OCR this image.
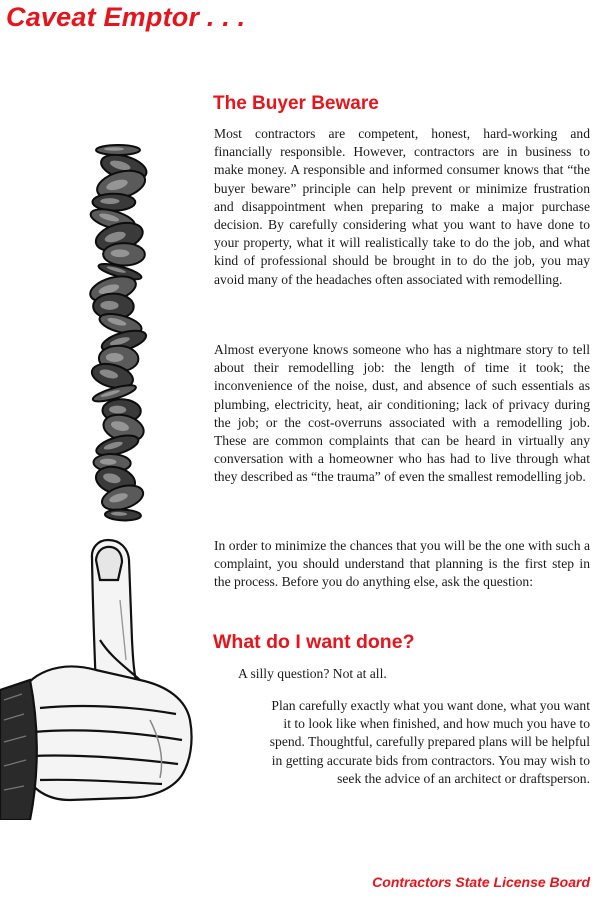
Caveat Emptor . . .
The Buyer Beware

Most contractors are competent, honest, hard-working and financially responsible. However, contractors are in business to make money. A responsible and informed consumer knows that “the buyer beware” principle can help prevent or minimize frustration and disappointment when preparing to make a major purchase decision. By carefully considering what you want to have done to your property, what it will realistically take to do the job, and what kind of professional should be brought in to do the job, you may avoid many of the headaches often associated with remodelling.

Almost everyone knows someone who has a nightmare story to tell about their remodelling job: the length of time it took; the inconvenience of the noise, dust, and absence of such essentials as plumbing, electricity, heat, air conditioning; lack of privacy during the job; or the cost-overruns associated with a remodelling job. These are common complaints that can be heard in virtually any conversation with a homeowner who has had to live through what they described as “the trauma” of even the smallest remodelling job.

In order to minimize the chances that you will be the one with such a complaint, you should understand that planning is the first step in the process. Before you do anything else, ask the question:

What do I want done?

A silly question? Not at all.

Plan carefully exactly what you want done, what you want it to look like when finished, and how much you have to spend. Thoughtful, carefully prepared plans will be helpful in getting accurate bids from contractors. You may wish to seek the advice of an architect or draftsperson.

Contractors State License Board
